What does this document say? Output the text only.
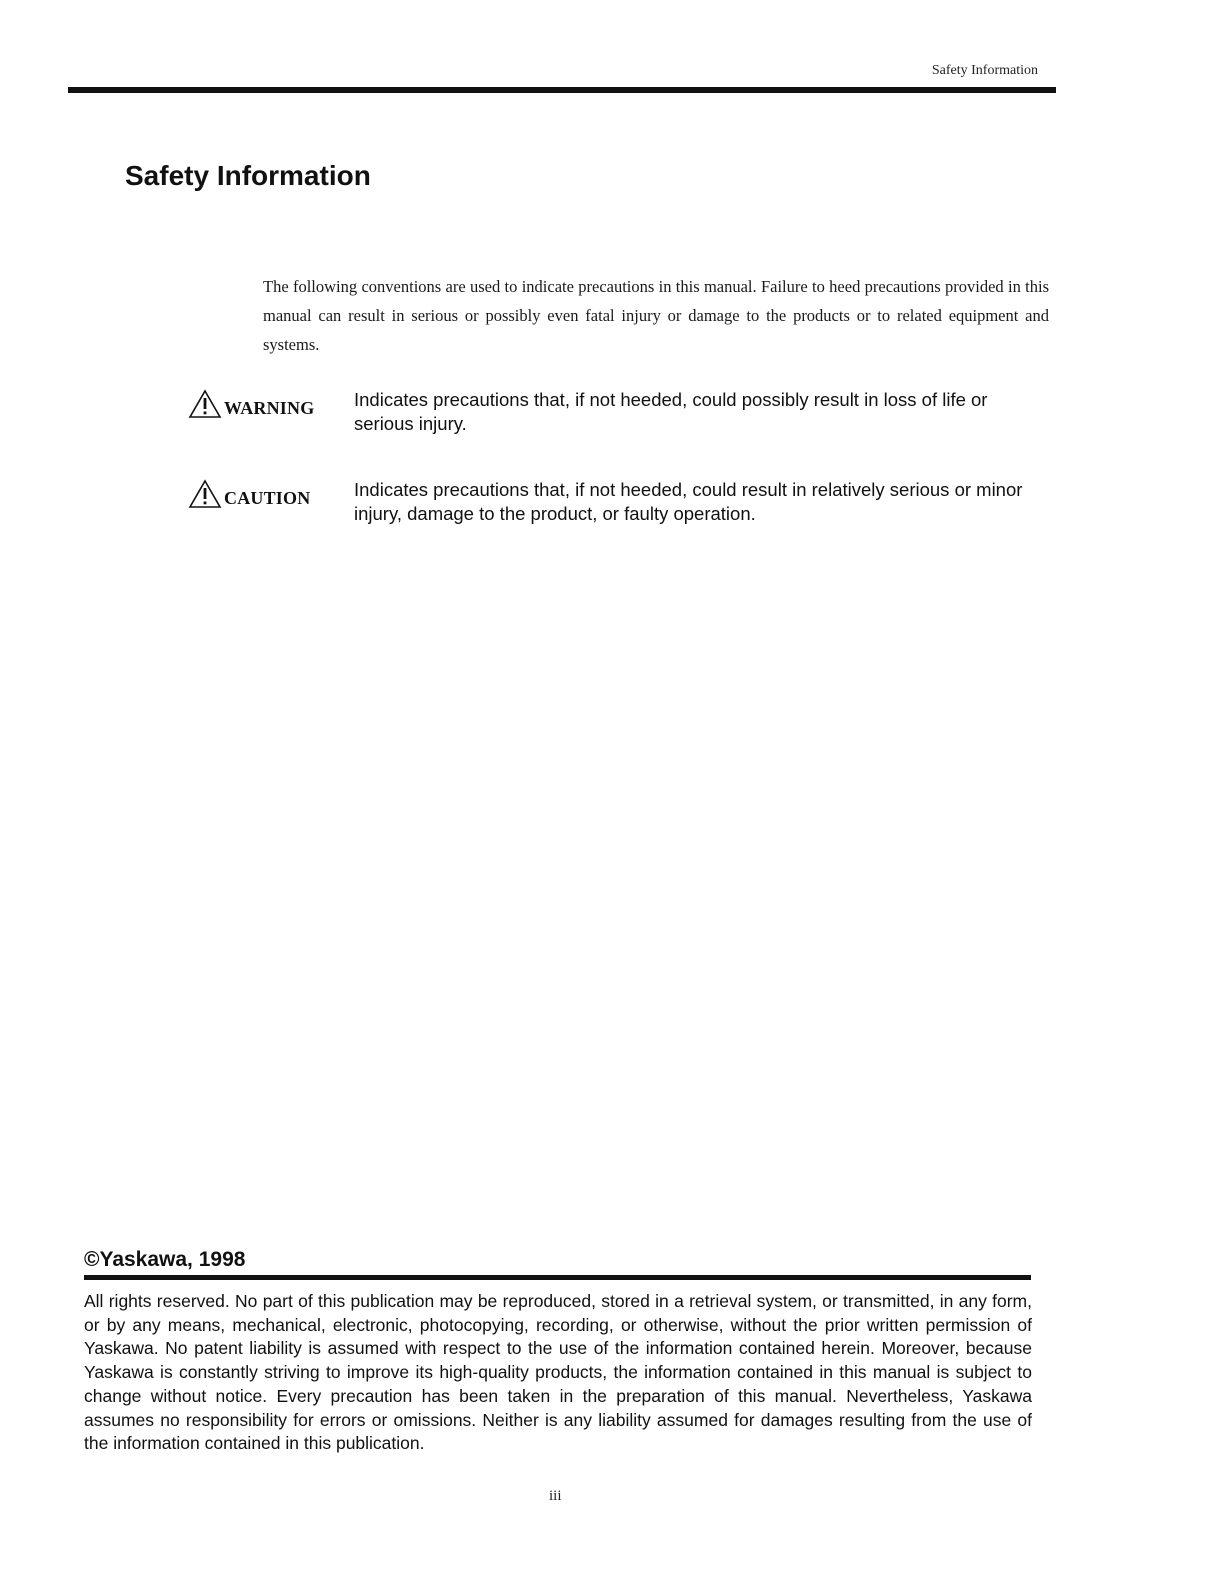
Safety Information
Safety Information

The following conventions are used to indicate precautions in this manual. Failure to heed precautions provided in this manual can result in serious or possibly even fatal injury or damage to the products or to related equipment and systems.

WARNING Indicates precautions that, if not heeded, could possibly result in loss of life or serious injury.
CAUTION Indicates precautions that, if not heeded, could result in relatively serious or minor injury, damage to the product, or faulty operation.
©Yaskawa, 1998

All rights reserved. No part of this publication may be reproduced, stored in a retrieval system, or transmitted, in any form, or by any means, mechanical, electronic, photocopying, recording, or otherwise, without the prior written permission of Yaskawa. No patent liability is assumed with respect to the use of the information contained herein. Moreover, because Yaskawa is constantly striving to improve its high-quality products, the information contained in this manual is subject to change without notice. Every precaution has been taken in the preparation of this manual. Nevertheless, Yaskawa assumes no responsibility for errors or omissions. Neither is any liability assumed for damages resulting from the use of the information contained in this publication.

iii
